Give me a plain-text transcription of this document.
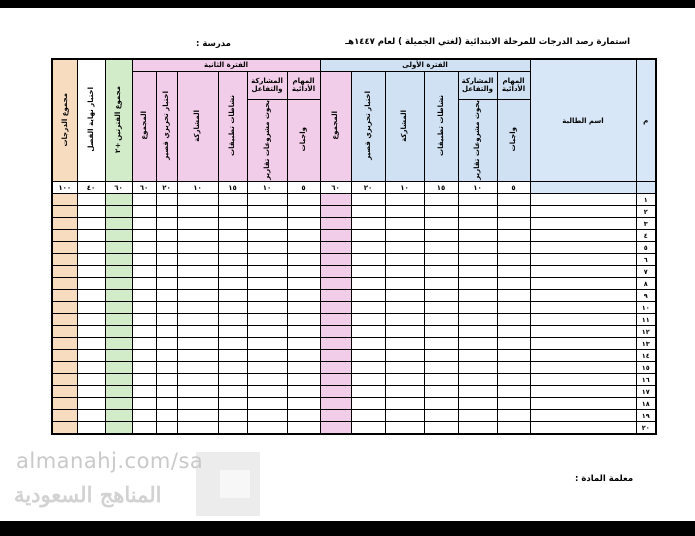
استمارة رصد الدرجات للمرحلة الابتدائية (لغتي الجميلة ) لعام ١٤٤٧هـ
مدرسة :
م	اسم الطالبة	الفترة الأولى						الفترة الثانية						مجموع الفترتين÷٢	اختبار نهاية الفصل	مجموع الدرجات
		المهام الأدائية	المشاركة والتفاعل	نشاطات تطبيقات	المشاركة	اختبار تحريري قصير	المجموع	المهام الأدائية	المشاركة والتفاعل	نشاطات تطبيقات	المشاركة	اختبار تحريري قصير	المجموع			
		واجبات	بحوث مشروعات تقارير					واجبات	بحوث مشروعات تقارير							
		٥	١٠	١٥	١٠	٢٠	٦٠	٥	١٠	١٥	١٠	٢٠	٦٠	٦٠	٤٠	١٠٠
١																
٢																
٣																
٤																
٥																
٦																
٧																
٨																
٩																
١٠																
١١																
١٢																
١٣																
١٤																
١٥																
١٦																
١٧																
١٨																
١٩																
٢٠																
معلمة المادة :
almanahj.com/sa
المناهج السعودية
